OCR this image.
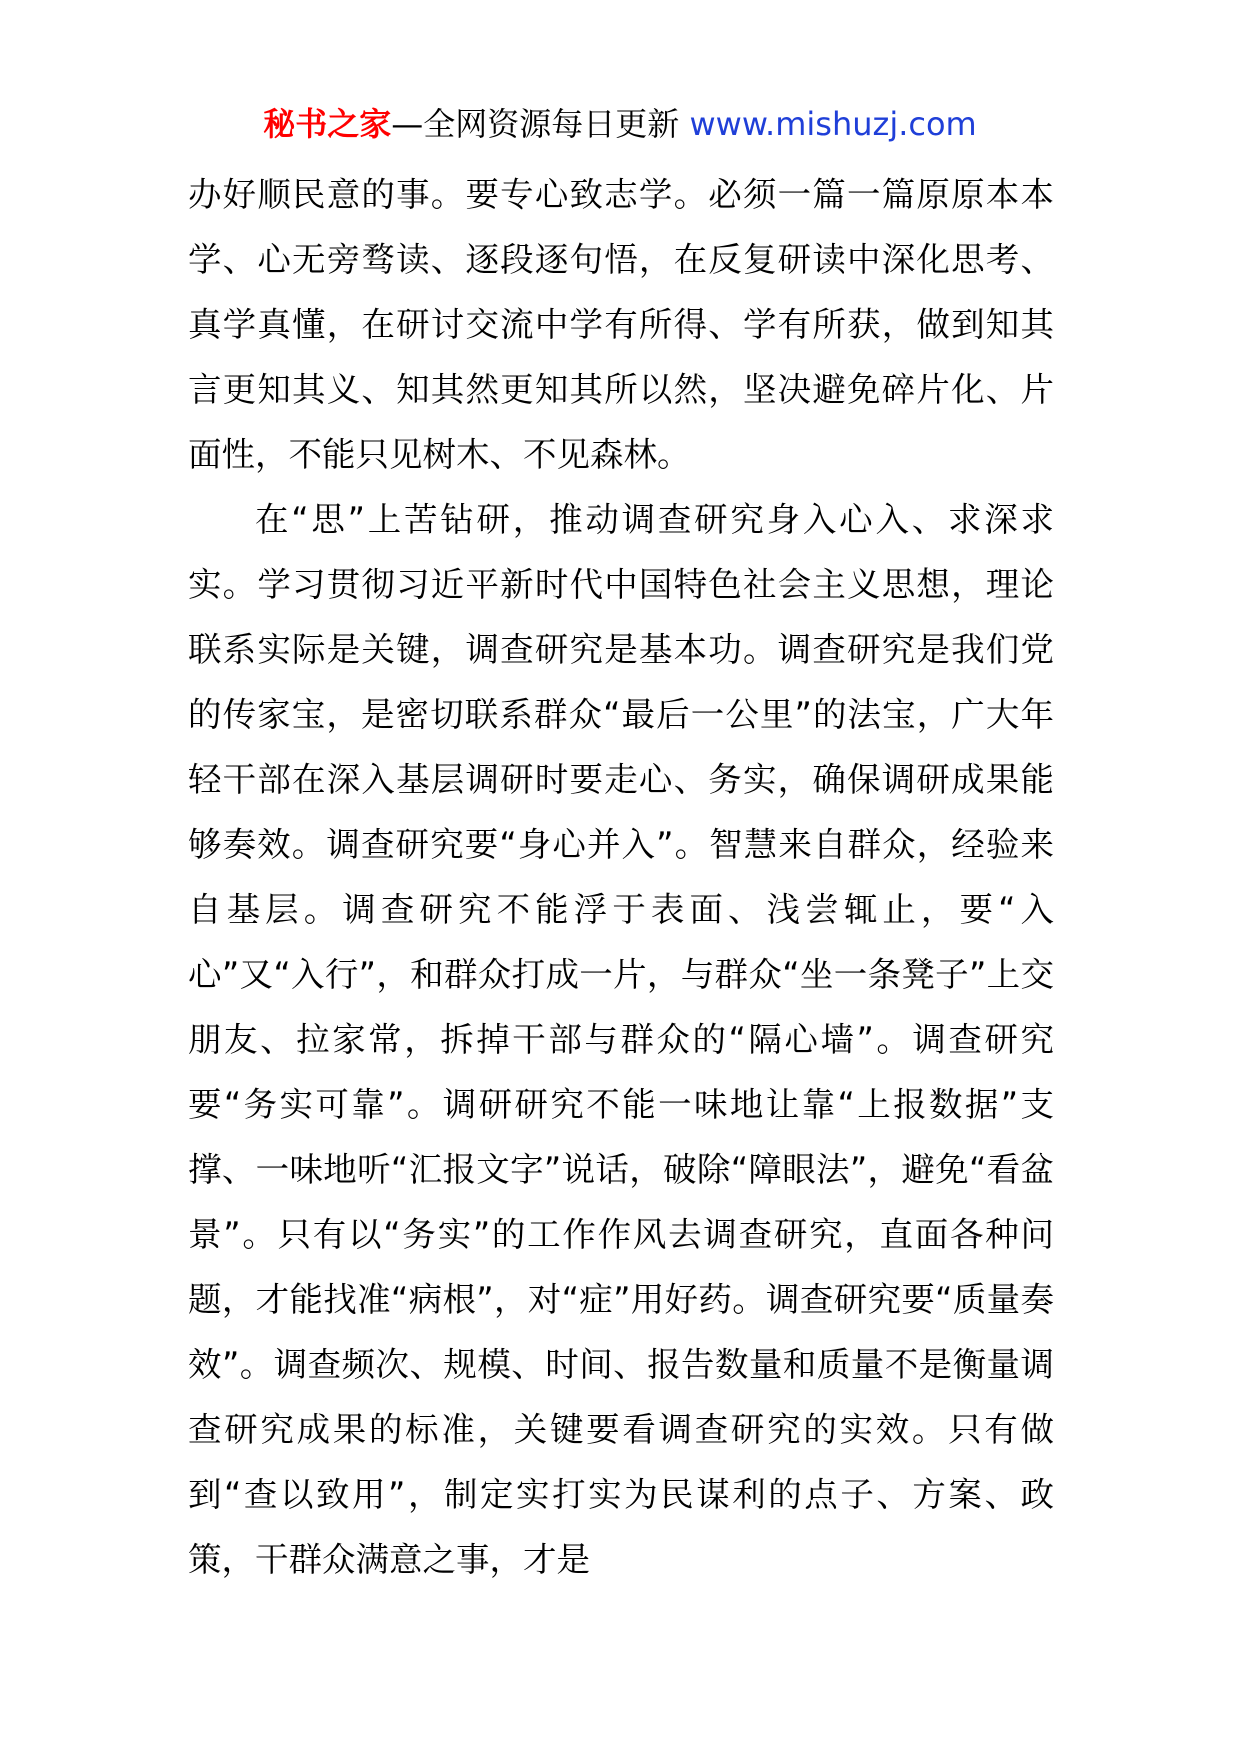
秘书之家—全网资源每日更新 www.mishuzj.com

办好顺民意的事。要专心致志学。必须一篇一篇原原本本学、心无旁骛读、逐段逐句悟，在反复研读中深化思考、真学真懂，在研讨交流中学有所得、学有所获，做到知其言更知其义、知其然更知其所以然，坚决避免碎片化、片面性，不能只见树木、不见森林。

在“思”上苦钻研，推动调查研究身入心入、求深求实。学习贯彻习近平新时代中国特色社会主义思想，理论联系实际是关键，调查研究是基本功。调查研究是我们党的传家宝，是密切联系群众“最后一公里”的法宝，广大年轻干部在深入基层调研时要走心、务实，确保调研成果能够奏效。调查研究要“身心并入”。智慧来自群众，经验来自基层。调查研究不能浮于表面、浅尝辄止，要“入心”又“入行”，和群众打成一片，与群众“坐一条凳子”上交朋友、拉家常，拆掉干部与群众的“隔心墙”。调查研究要“务实可靠”。调研研究不能一味地让靠“上报数据”支撑、一味地听“汇报文字”说话，破除“障眼法”，避免“看盆景”。只有以“务实”的工作作风去调查研究，直面各种问题，才能找准“病根”，对“症”用好药。调查研究要“质量奏效”。调查频次、规模、时间、报告数量和质量不是衡量调查研究成果的标准，关键要看调查研究的实效。只有做到“查以致用”，制定实打实为民谋利的点子、方案、政策，干群众满意之事，才是
